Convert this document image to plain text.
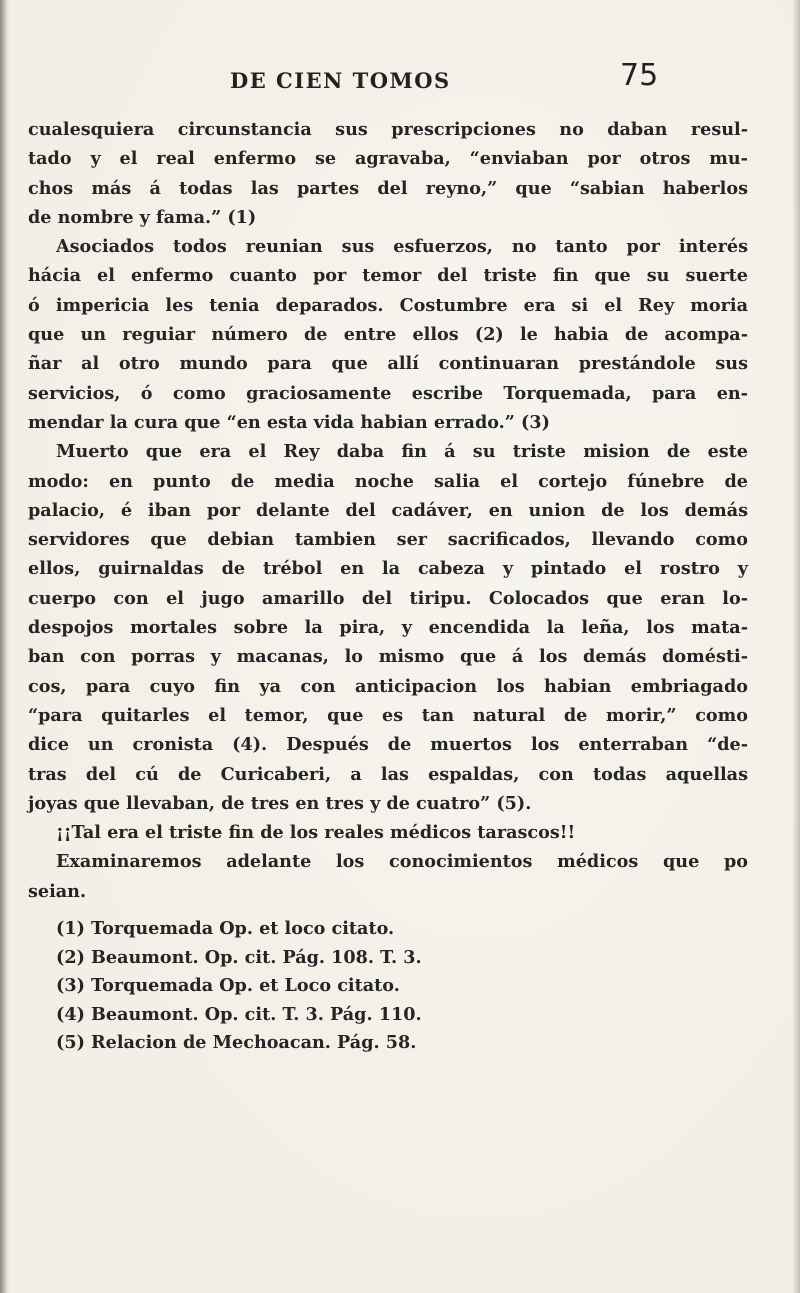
DE CIEN TOMOS	75

cualesquiera circunstancia sus prescripciones no daban resul-

tado y el real enfermo se agravaba, “enviaban por otros mu-

chos más á todas las partes del reyno,” que “sabian haberlos

de nombre y fama.” (1)

Asociados todos reunian sus esfuerzos, no tanto por interés

hácia el enfermo cuanto por temor del triste fin que su suerte

ó impericia les tenia deparados. Costumbre era si el Rey moria

que un reguiar número de entre ellos (2) le habia de acompa-

ñar al otro mundo para que allí continuaran prestándole sus

servicios, ó como graciosamente escribe Torquemada, para en-

mendar la cura que “en esta vida habian errado.” (3)

Muerto que era el Rey daba fin á su triste mision de este

modo: en punto de media noche salia el cortejo fúnebre de

palacio, é iban por delante del cadáver, en union de los demás

servidores que debian tambien ser sacrificados, llevando como

ellos, guirnaldas de trébol en la cabeza y pintado el rostro y

cuerpo con el jugo amarillo del tiripu. Colocados que eran lo-

despojos mortales sobre la pira, y encendida la leña, los mata-

ban con porras y macanas, lo mismo que á los demás domésti-

cos, para cuyo fin ya con anticipacion los habian embriagado

“para quitarles el temor, que es tan natural de morir,” como

dice un cronista (4). Después de muertos los enterraban “de-

tras del cú de Curicaberi, a las espaldas, con todas aquellas

joyas que llevaban, de tres en tres y de cuatro” (5).

¡¡Tal era el triste fin de los reales médicos tarascos!!

Examinaremos adelante los conocimientos médicos que po

seian.

(1) Torquemada Op. et loco citato.

(2) Beaumont. Op. cit. Pág. 108. T. 3.

(3) Torquemada Op. et Loco citato.

(4) Beaumont. Op. cit. T. 3. Pág. 110.

(5) Relacion de Mechoacan. Pág. 58.
